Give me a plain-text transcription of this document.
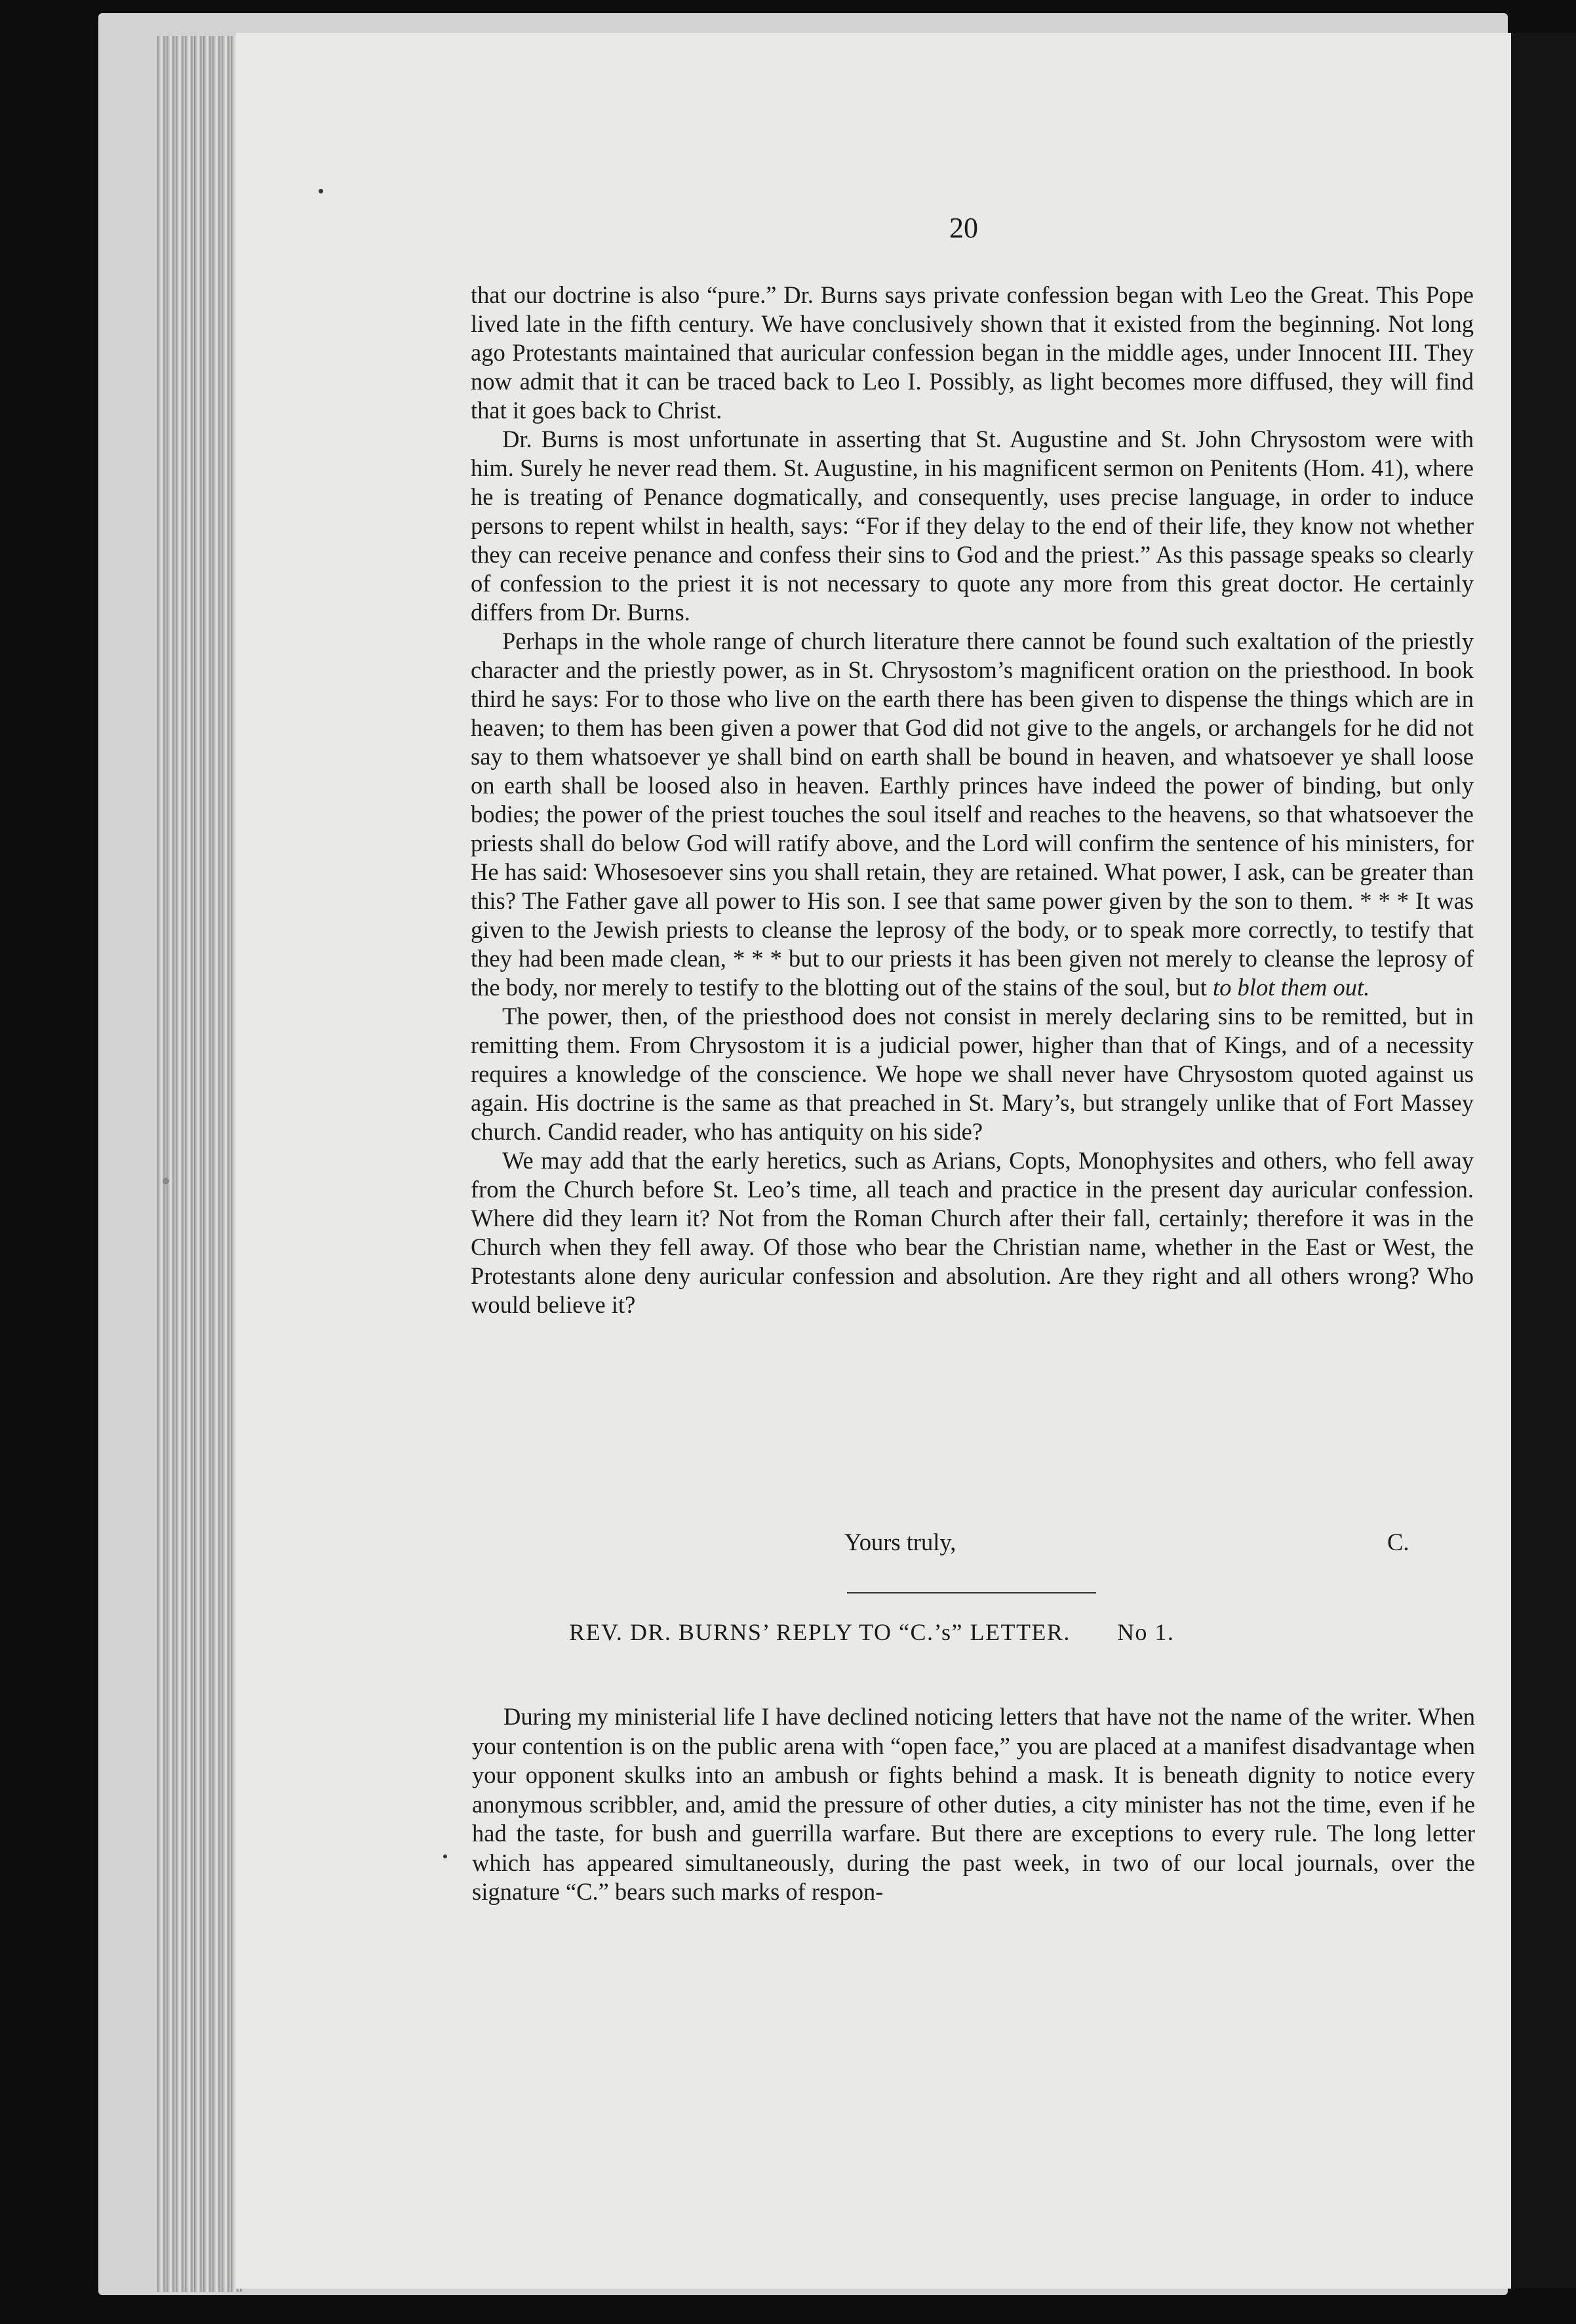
20

that our doctrine is also “pure.” Dr. Burns says private confession began with Leo the Great. This Pope lived late in the fifth century. We have conclusively shown that it existed from the beginning. Not long ago Protestants maintained that auricular confession began in the middle ages, under Innocent III. They now admit that it can be traced back to Leo I. Possibly, as light becomes more diffused, they will find that it goes back to Christ.

Dr. Burns is most unfortunate in asserting that St. Augustine and St. John Chrysostom were with him. Surely he never read them. St. Augustine, in his magnificent sermon on Penitents (Hom. 41), where he is treating of Penance dogmatically, and consequently, uses precise language, in order to induce persons to repent whilst in health, says: “For if they delay to the end of their life, they know not whether they can receive penance and confess their sins to God and the priest.” As this passage speaks so clearly of confession to the priest it is not necessary to quote any more from this great doctor. He certainly differs from Dr. Burns.

Perhaps in the whole range of church literature there cannot be found such exaltation of the priestly character and the priestly power, as in St. Chrysostom’s magnificent oration on the priesthood. In book third he says: For to those who live on the earth there has been given to dispense the things which are in heaven; to them has been given a power that God did not give to the angels, or archangels for he did not say to them whatsoever ye shall bind on earth shall be bound in heaven, and whatsoever ye shall loose on earth shall be loosed also in heaven. Earthly princes have indeed the power of binding, but only bodies; the power of the priest touches the soul itself and reaches to the heavens, so that whatsoever the priests shall do below God will ratify above, and the Lord will confirm the sentence of his ministers, for He has said: Whosesoever sins you shall retain, they are retained. What power, I ask, can be greater than this? The Father gave all power to His son. I see that same power given by the son to them. * * * It was given to the Jewish priests to cleanse the leprosy of the body, or to speak more correctly, to testify that they had been made clean, * * * but to our priests it has been given not merely to cleanse the leprosy of the body, nor merely to testify to the blotting out of the stains of the soul, but to blot them out.

The power, then, of the priesthood does not consist in merely declaring sins to be remitted, but in remitting them. From Chrysostom it is a judicial power, higher than that of Kings, and of a necessity requires a knowledge of the conscience. We hope we shall never have Chrysostom quoted against us again. His doctrine is the same as that preached in St. Mary’s, but strangely unlike that of Fort Massey church. Candid reader, who has antiquity on his side?

We may add that the early heretics, such as Arians, Copts, Monophysites and others, who fell away from the Church before St. Leo’s time, all teach and practice in the present day auricular confession. Where did they learn it? Not from the Roman Church after their fall, certainly; therefore it was in the Church when they fell away. Of those who bear the Christian name, whether in the East or West, the Protestants alone deny auricular confession and absolution. Are they right and all others wrong? Who would believe it?

Yours truly,	C.
REV. DR. BURNS’ REPLY TO “C.’s” LETTER. No 1.

During my ministerial life I have declined noticing letters that have not the name of the writer. When your contention is on the public arena with “open face,” you are placed at a manifest disadvantage when your opponent skulks into an ambush or fights behind a mask. It is beneath dignity to notice every anonymous scribbler, and, amid the pressure of other duties, a city minister has not the time, even if he had the taste, for bush and guerrilla warfare. But there are exceptions to every rule. The long letter which has appeared simultaneously, during the past week, in two of our local journals, over the signature “C.” bears such marks of respon-
